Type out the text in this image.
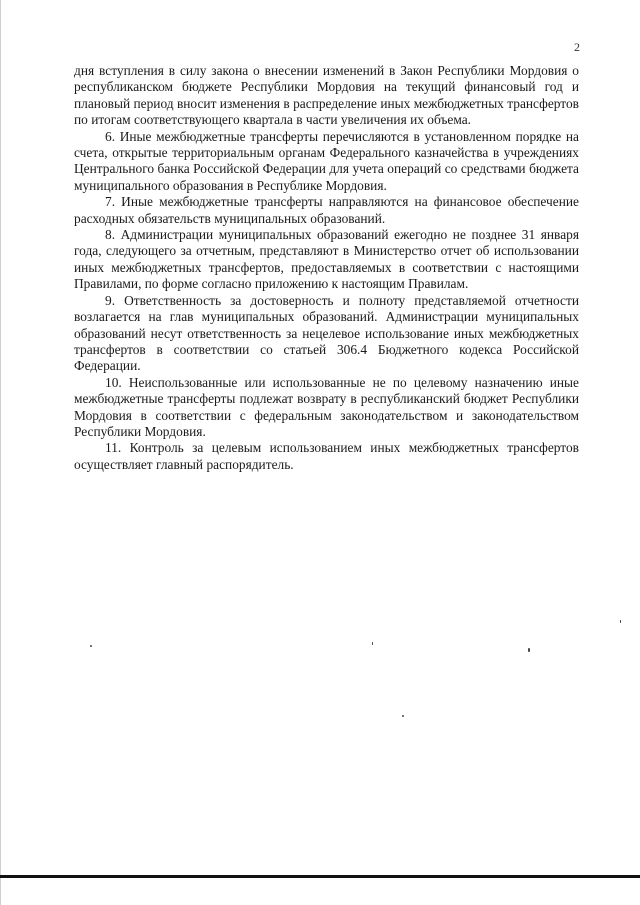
2

дня вступления в силу закона о внесении изменений в Закон Республики Мордовия о республиканском бюджете Республики Мордовия на текущий финансовый год и плановый период вносит изменения в распределение иных межбюджетных трансфертов по итогам соответствующего квартала в части увеличения их объема.

6. Иные межбюджетные трансферты перечисляются в установленном порядке на счета, открытые территориальным органам Федерального казначейства в учреждениях Центрального банка Российской Федерации для учета операций со средствами бюджета муниципального образования в Республике Мордовия.

7. Иные межбюджетные трансферты направляются на финансовое обеспечение расходных обязательств муниципальных образований.

8. Администрации муниципальных образований ежегодно не позднее 31 января года, следующего за отчетным, представляют в Министерство отчет об использовании иных межбюджетных трансфертов, предоставляемых в соответствии с настоящими Правилами, по форме согласно приложению к настоящим Правилам.

9. Ответственность за достоверность и полноту представляемой отчетности возлагается на глав муниципальных образований. Администрации муниципальных образований несут ответственность за нецелевое использование иных межбюджетных трансфертов в соответствии со статьей 306.4 Бюджетного кодекса Российской Федерации.

10. Неиспользованные или использованные не по целевому назначению иные межбюджетные трансферты подлежат возврату в республиканский бюджет Республики Мордовия в соответствии с федеральным законодательством и законодательством Республики Мордовия.

11. Контроль за целевым использованием иных межбюджетных трансфертов осуществляет главный распорядитель.
